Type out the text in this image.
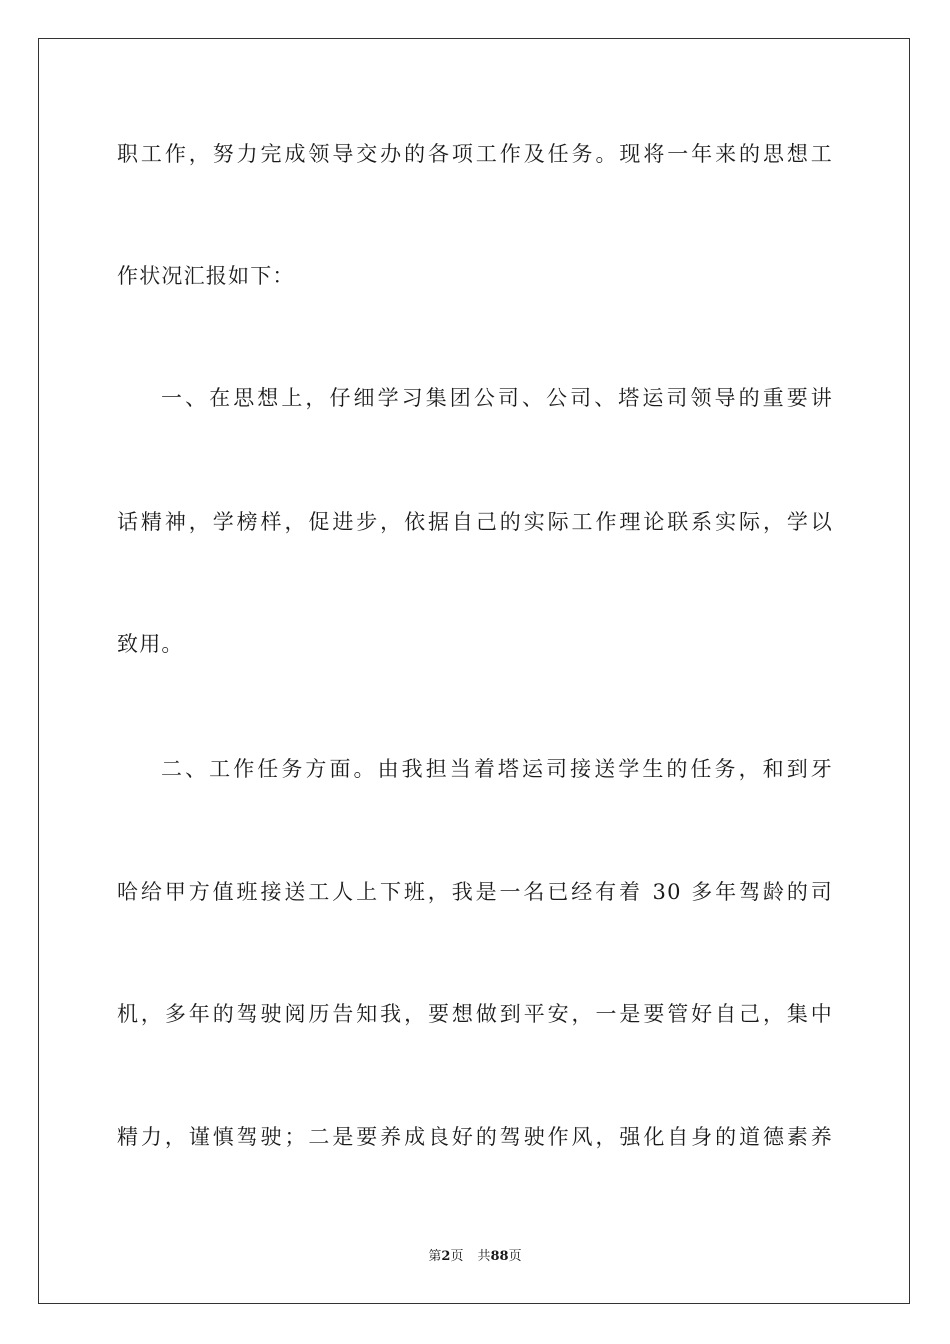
职工作，努力完成领导交办的各项工作及任务。现将一年来的思想工
作状况汇报如下：
一、在思想上，仔细学习集团公司、公司、塔运司领导的重要讲
话精神，学榜样，促进步，依据自己的实际工作理论联系实际，学以
致用。
二、工作任务方面。由我担当着塔运司接送学生的任务，和到牙
哈给甲方值班接送工人上下班，我是一名已经有着 30 多年驾龄的司
机，多年的驾驶阅历告知我，要想做到平安，一是要管好自己，集中
精力，谨慎驾驶；二是要养成良好的驾驶作风，强化自身的道德素养
第2页 共88页
